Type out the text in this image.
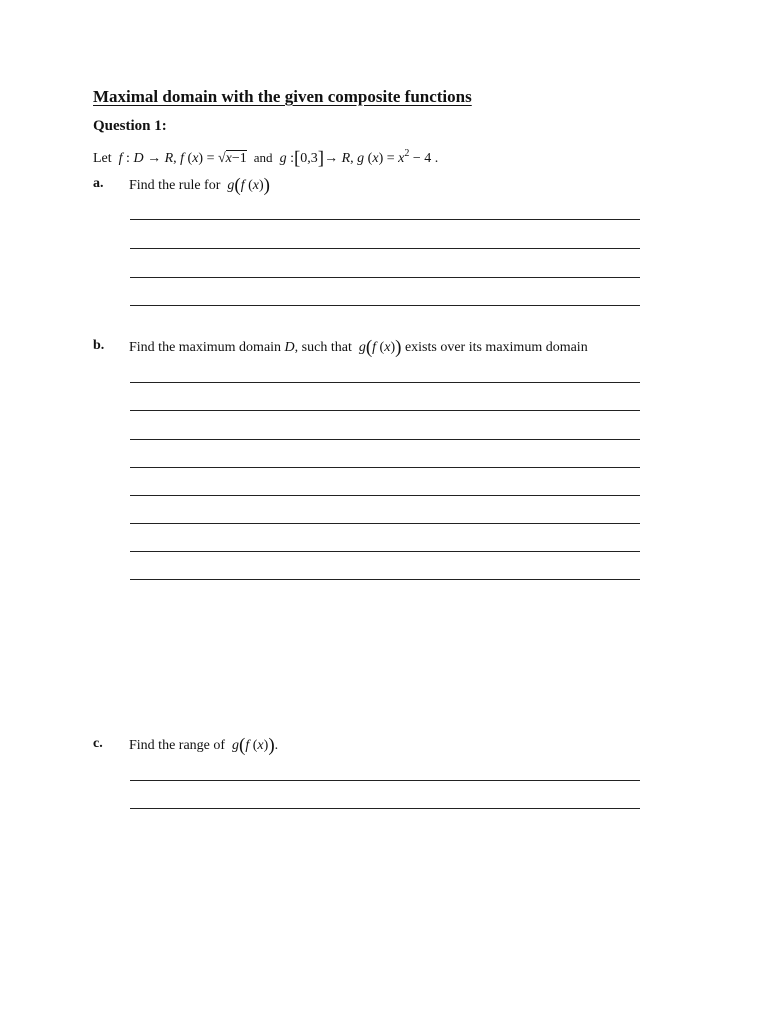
Maximal domain with the given composite functions
Question 1:
Let f : D → R, f (x) = √x−1 and g :[0,3]→ R, g $(x) = x^2 - 4$ .
a. Find the rule for g(f (x))
b. Find the maximum domain D, such that g(f (x)) exists over its maximum domain
c. Find the range of g(f (x)).
